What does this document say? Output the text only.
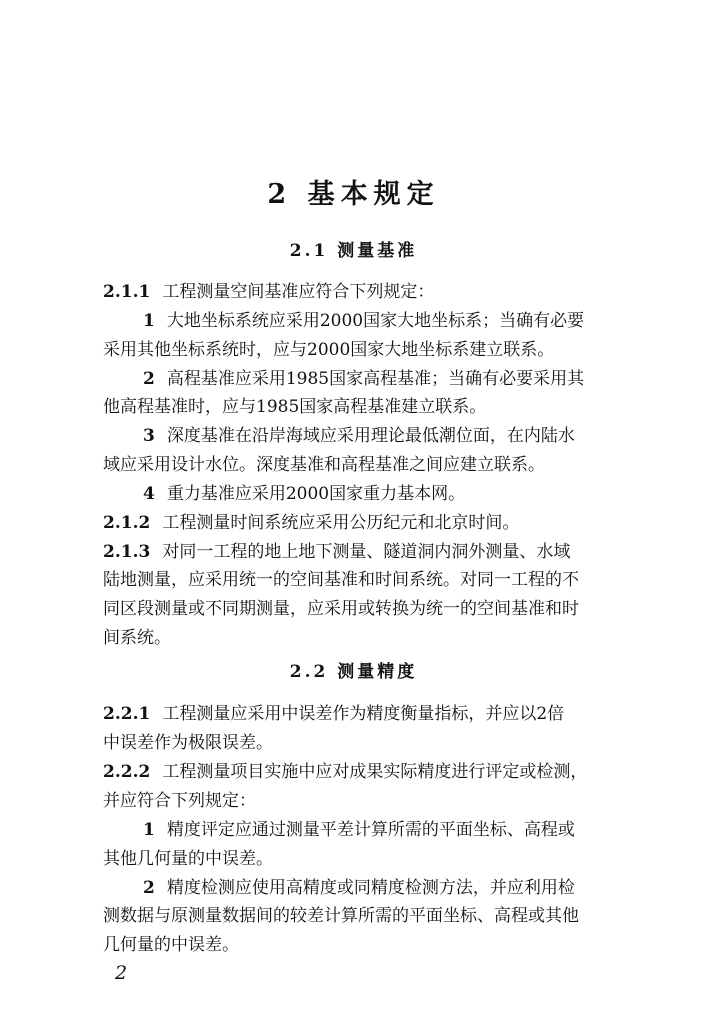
2 基本规定
2.1 测量基准
2.1.1 工程测量空间基准应符合下列规定：
1 大地坐标系统应采用2000国家大地坐标系；当确有必要
采用其他坐标系统时，应与2000国家大地坐标系建立联系。
2 高程基准应采用1985国家高程基准；当确有必要采用其
他高程基准时，应与1985国家高程基准建立联系。
3 深度基准在沿岸海域应采用理论最低潮位面，在内陆水
域应采用设计水位。深度基准和高程基准之间应建立联系。
4 重力基准应采用2000国家重力基本网。
2.1.2 工程测量时间系统应采用公历纪元和北京时间。
2.1.3 对同一工程的地上地下测量、隧道洞内洞外测量、水域
陆地测量，应采用统一的空间基准和时间系统。对同一工程的不
同区段测量或不同期测量，应采用或转换为统一的空间基准和时
间系统。
2.2 测量精度
2.2.1 工程测量应采用中误差作为精度衡量指标，并应以2倍
中误差作为极限误差。
2.2.2 工程测量项目实施中应对成果实际精度进行评定或检测，
并应符合下列规定：
1 精度评定应通过测量平差计算所需的平面坐标、高程或
其他几何量的中误差。
2 精度检测应使用高精度或同精度检测方法，并应利用检
测数据与原测量数据间的较差计算所需的平面坐标、高程或其他
几何量的中误差。
2
